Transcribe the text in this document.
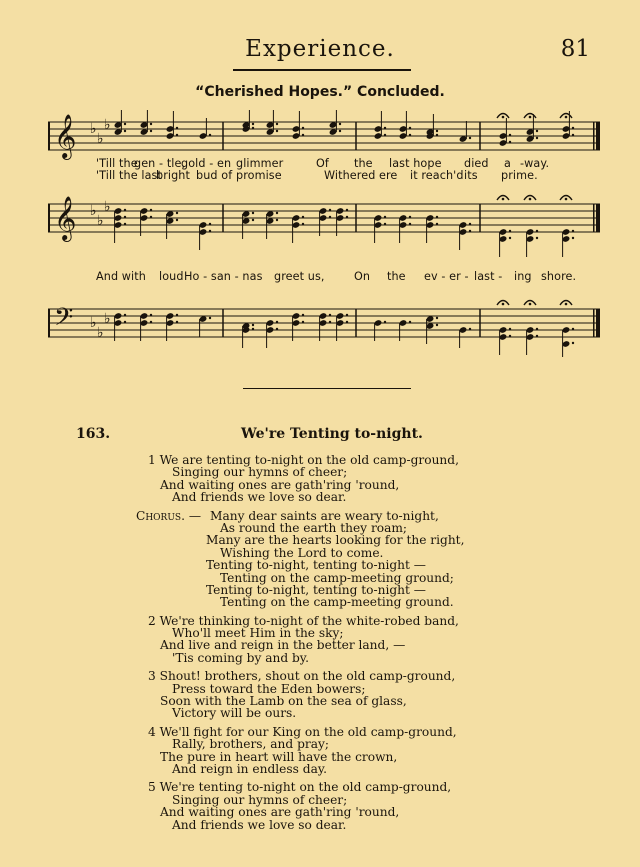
Experience.	81
“Cherished Hopes.” Concluded.
𝄞 ♭
♭
♭
'Till the
gen - tle,
gold - en glimmer	Of the last hope died a -way.
'Till the last
bright bud of promise	Withered ere it reach'd its prime.
𝄞 ♭
♭
♭
And with loud Ho - san - nas greet us,	On the ev - er - last - ing shore.
𝄢 ♭
♭
♭
163.	We're Tenting to-night.
1 We are tenting to-night on the old camp-ground,
Singing our hymns of cheer;
And waiting ones are gath'ring 'round,
And friends we love so dear.
Chorus. — Many dear saints are weary to-night,
As round the earth they roam;
Many are the hearts looking for the right,
Wishing the Lord to come.
Tenting to-night, tenting to-night —
Tenting on the camp-meeting ground;
Tenting to-night, tenting to-night —
Tenting on the camp-meeting ground.
2 We're thinking to-night of the white-robed band,
Who'll meet Him in the sky;
And live and reign in the better land, —
'Tis coming by and by.
3 Shout! brothers, shout on the old camp-ground,
Press toward the Eden bowers;
Soon with the Lamb on the sea of glass,
Victory will be ours.
4 We'll fight for our King on the old camp-ground,
Rally, brothers, and pray;
The pure in heart will have the crown,
And reign in endless day.
5 We're tenting to-night on the old camp-ground,
Singing our hymns of cheer;
And waiting ones are gath'ring 'round,
And friends we love so dear.
